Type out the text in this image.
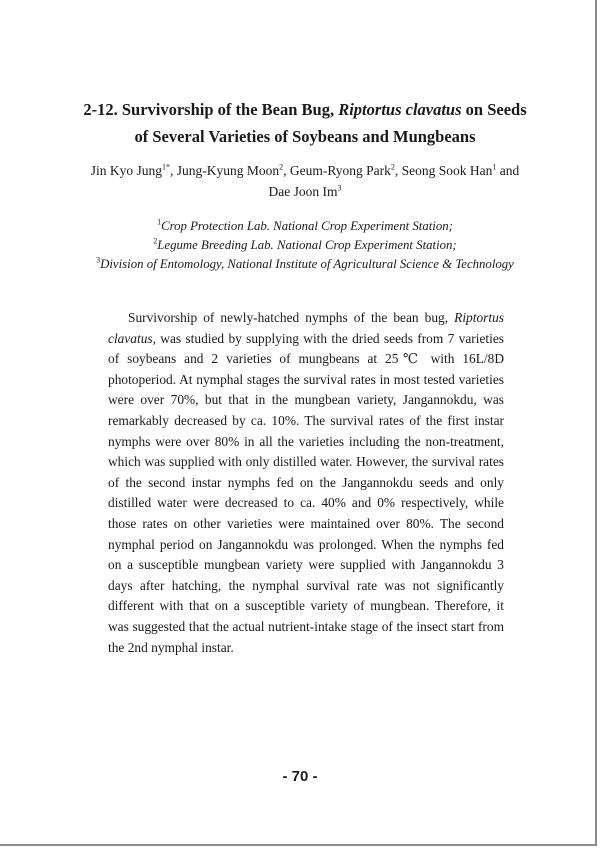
2-12. Survivorship of the Bean Bug, Riptortus clavatus on Seeds
of Several Varieties of Soybeans and Mungbeans
Jin Kyo Jung$^{1*}$, Jung-Kyung Moon$^2$, Geum-Ryong Park$^2$, Seong Sook Han$^1$ and
Dae Joon Im$^3$
$^1$Crop Protection Lab. National Crop Experiment Station;
$^2$Legume Breeding Lab. National Crop Experiment Station;
$^3$Division of Entomology, National Institute of Agricultural Science & Technology

Survivorship of newly-hatched nymphs of the bean bug, Riptortus clavatus, was studied by supplying with the dried seeds from 7 varieties of soybeans and 2 varieties of mungbeans at 25℃ with 16L/8D photoperiod. At nymphal stages the survival rates in most tested varieties were over 70%, but that in the mungbean variety, Jangannokdu, was remarkably decreased by ca. 10%. The survival rates of the first instar nymphs were over 80% in all the varieties including the non-treatment, which was supplied with only distilled water. However, the survival rates of the second instar nymphs fed on the Jangannokdu seeds and only distilled water were decreased to ca. 40% and 0% respectively, while those rates on other varieties were maintained over 80%. The second nymphal period on Jangannokdu was prolonged. When the nymphs fed on a susceptible mungbean variety were supplied with Jangannokdu 3 days after hatching, the nymphal survival rate was not significantly different with that on a susceptible variety of mungbean. Therefore, it was suggested that the actual nutrient-intake stage of the insect start from the 2nd nymphal instar.

- 70 -
